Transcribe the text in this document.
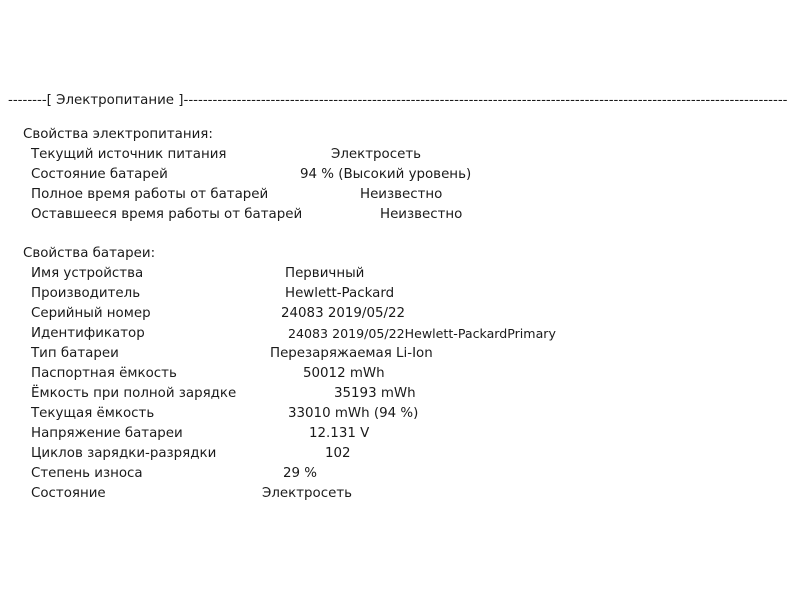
--------[ Электропитание ]-----------------------------------------------------------------------------------------------------------------------------
Свойства электропитания:
Текущий источник питания	Электросеть
Состояние батарей	94 % (Высокий уровень)
Полное время работы от батарей	Неизвестно
Оставшееся время работы от батарей	Неизвестно
Свойства батареи:
Имя устройства	Первичный
Производитель	Hewlett-Packard
Серийный номер	24083 2019/05/22
Идентификатор	24083 2019/05/22Hewlett-PackardPrimary
Тип батареи	Перезаряжаемая Li-Ion
Паспортная ёмкость	50012 mWh
Ёмкость при полной зарядке	35193 mWh
Текущая ёмкость	33010 mWh (94 %)
Напряжение батареи	12.131 V
Циклов зарядки-разрядки	102
Степень износа	29 %
Состояние	Электросеть
